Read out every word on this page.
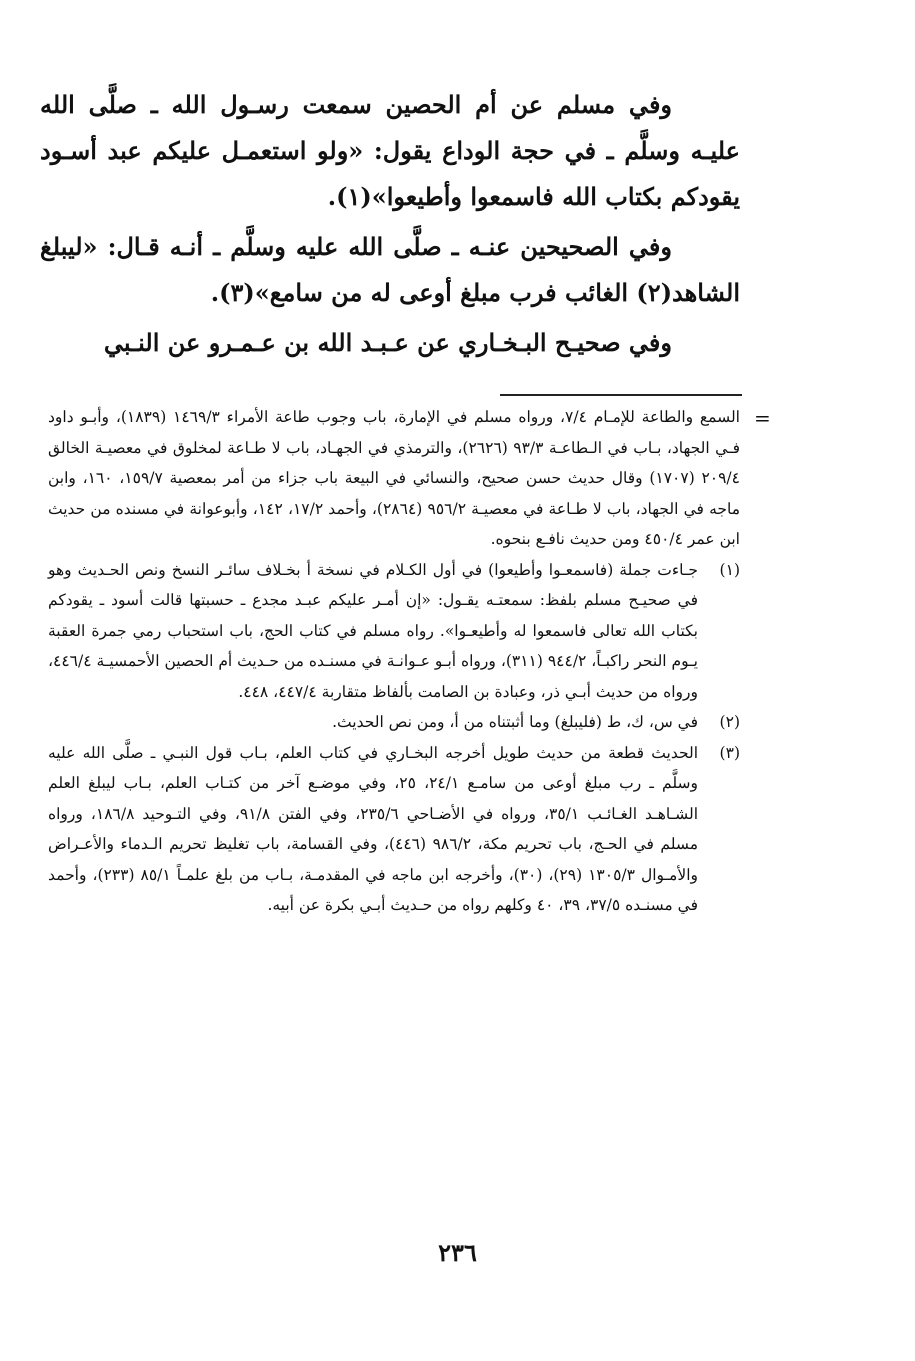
وفي مسلم عن أم الحصين سمعت رسـول الله ـ صلَّى الله عليـه وسلَّم ـ في حجة الوداع يقول: «ولو استعمـل عليكم عبد أسـود يقودكم بكتاب الله فاسمعوا وأطيعوا»(١).

وفي الصحيحين عنـه ـ صلَّى الله عليه وسلَّم ـ أنـه قـال: «ليبلغ الشاهد(٢) الغائب فرب مبلغ أوعى له من سامع»(٣).

وفي صحيـح البـخـاري عن عـبـد الله بن عـمـرو عن النـبي

=
السمع والطاعة للإمـام ٧/٤، ورواه مسلم في الإمارة، باب وجوب طاعة الأمراء ١٤٦٩/٣ (١٨٣٩)، وأبـو داود فـي الجهاد، بـاب في الـطاعـة ٩٣/٣ (٢٦٢٦)، والترمذي في الجهـاد، باب لا طـاعة لمخلوق في معصيـة الخالق ٢٠٩/٤ (١٧٠٧) وقال حديث حسن صحيح، والنسائي في البيعة باب جزاء من أمر بمعصية ١٥٩/٧، ١٦٠، وابن ماجه في الجهاد، باب لا طـاعة في معصيـة ٩٥٦/٢ (٢٨٦٤)، وأحمد ١٧/٢، ١٤٢، وأبوعوانة في مسنده من حديث ابن عمر ٤٥٠/٤ ومن حديث نافـع بنحوه.
(١)
جـاءت جملة (فاسمعـوا وأطيعوا) في أول الكـلام في نسخة أ بخـلاف سائـر النسخ ونص الحـديث وهو في صحيـح مسلم بلفظ: سمعتـه يقـول: «إن أمـر عليكم عبـد مجدع ـ حسبتها قالت أسود ـ يقودكم بكتاب الله تعالى فاسمعوا له وأطيعـوا». رواه مسلم في كتاب الحج، باب استحباب رمي جمرة العقبة يـوم النحر راكبـاً، ٩٤٤/٢ (٣١١)، ورواه أبـو عـوانـة في مسنـده من حـديث أم الحصين الأحمسيـة ٤٤٦/٤، ورواه من حديث أبـي ذر، وعبادة بن الصامت بألفاظ متقاربة ٤٤٧/٤، ٤٤٨.
(٢)
في س، ك، ط (فليبلغ) وما أثبتناه من أ، ومن نص الحديث.
(٣)
الحديث قطعة من حديث طويل أخرجه البخـاري في كتاب العلم، بـاب قول النبـي ـ صلَّى الله عليه وسلَّم ـ رب مبلغ أوعى من سامـع ٢٤/١، ٢٥، وفي موضـع آخر من كتـاب العلم، بـاب ليبلغ العلم الشـاهـد الغـائـب ٣٥/١، ورواه في الأضـاحي ٢٣٥/٦، وفي الفتن ٩١/٨، وفي التـوحيد ١٨٦/٨، ورواه مسلم في الحـج، باب تحريم مكة، ٩٨٦/٢ (٤٤٦)، وفي القسامة، باب تغليظ تحريم الـدماء والأعـراض والأمـوال ١٣٠٥/٣ (٢٩)، (٣٠)، وأخرجه ابن ماجه في المقدمـة، بـاب من بلغ علمـاً ٨٥/١ (٢٣٣)، وأحمد في مسنـده ٣٧/٥، ٣٩، ٤٠ وكلهم رواه من حـديث أبـي بكرة عن أبيه.
٢٣٦
